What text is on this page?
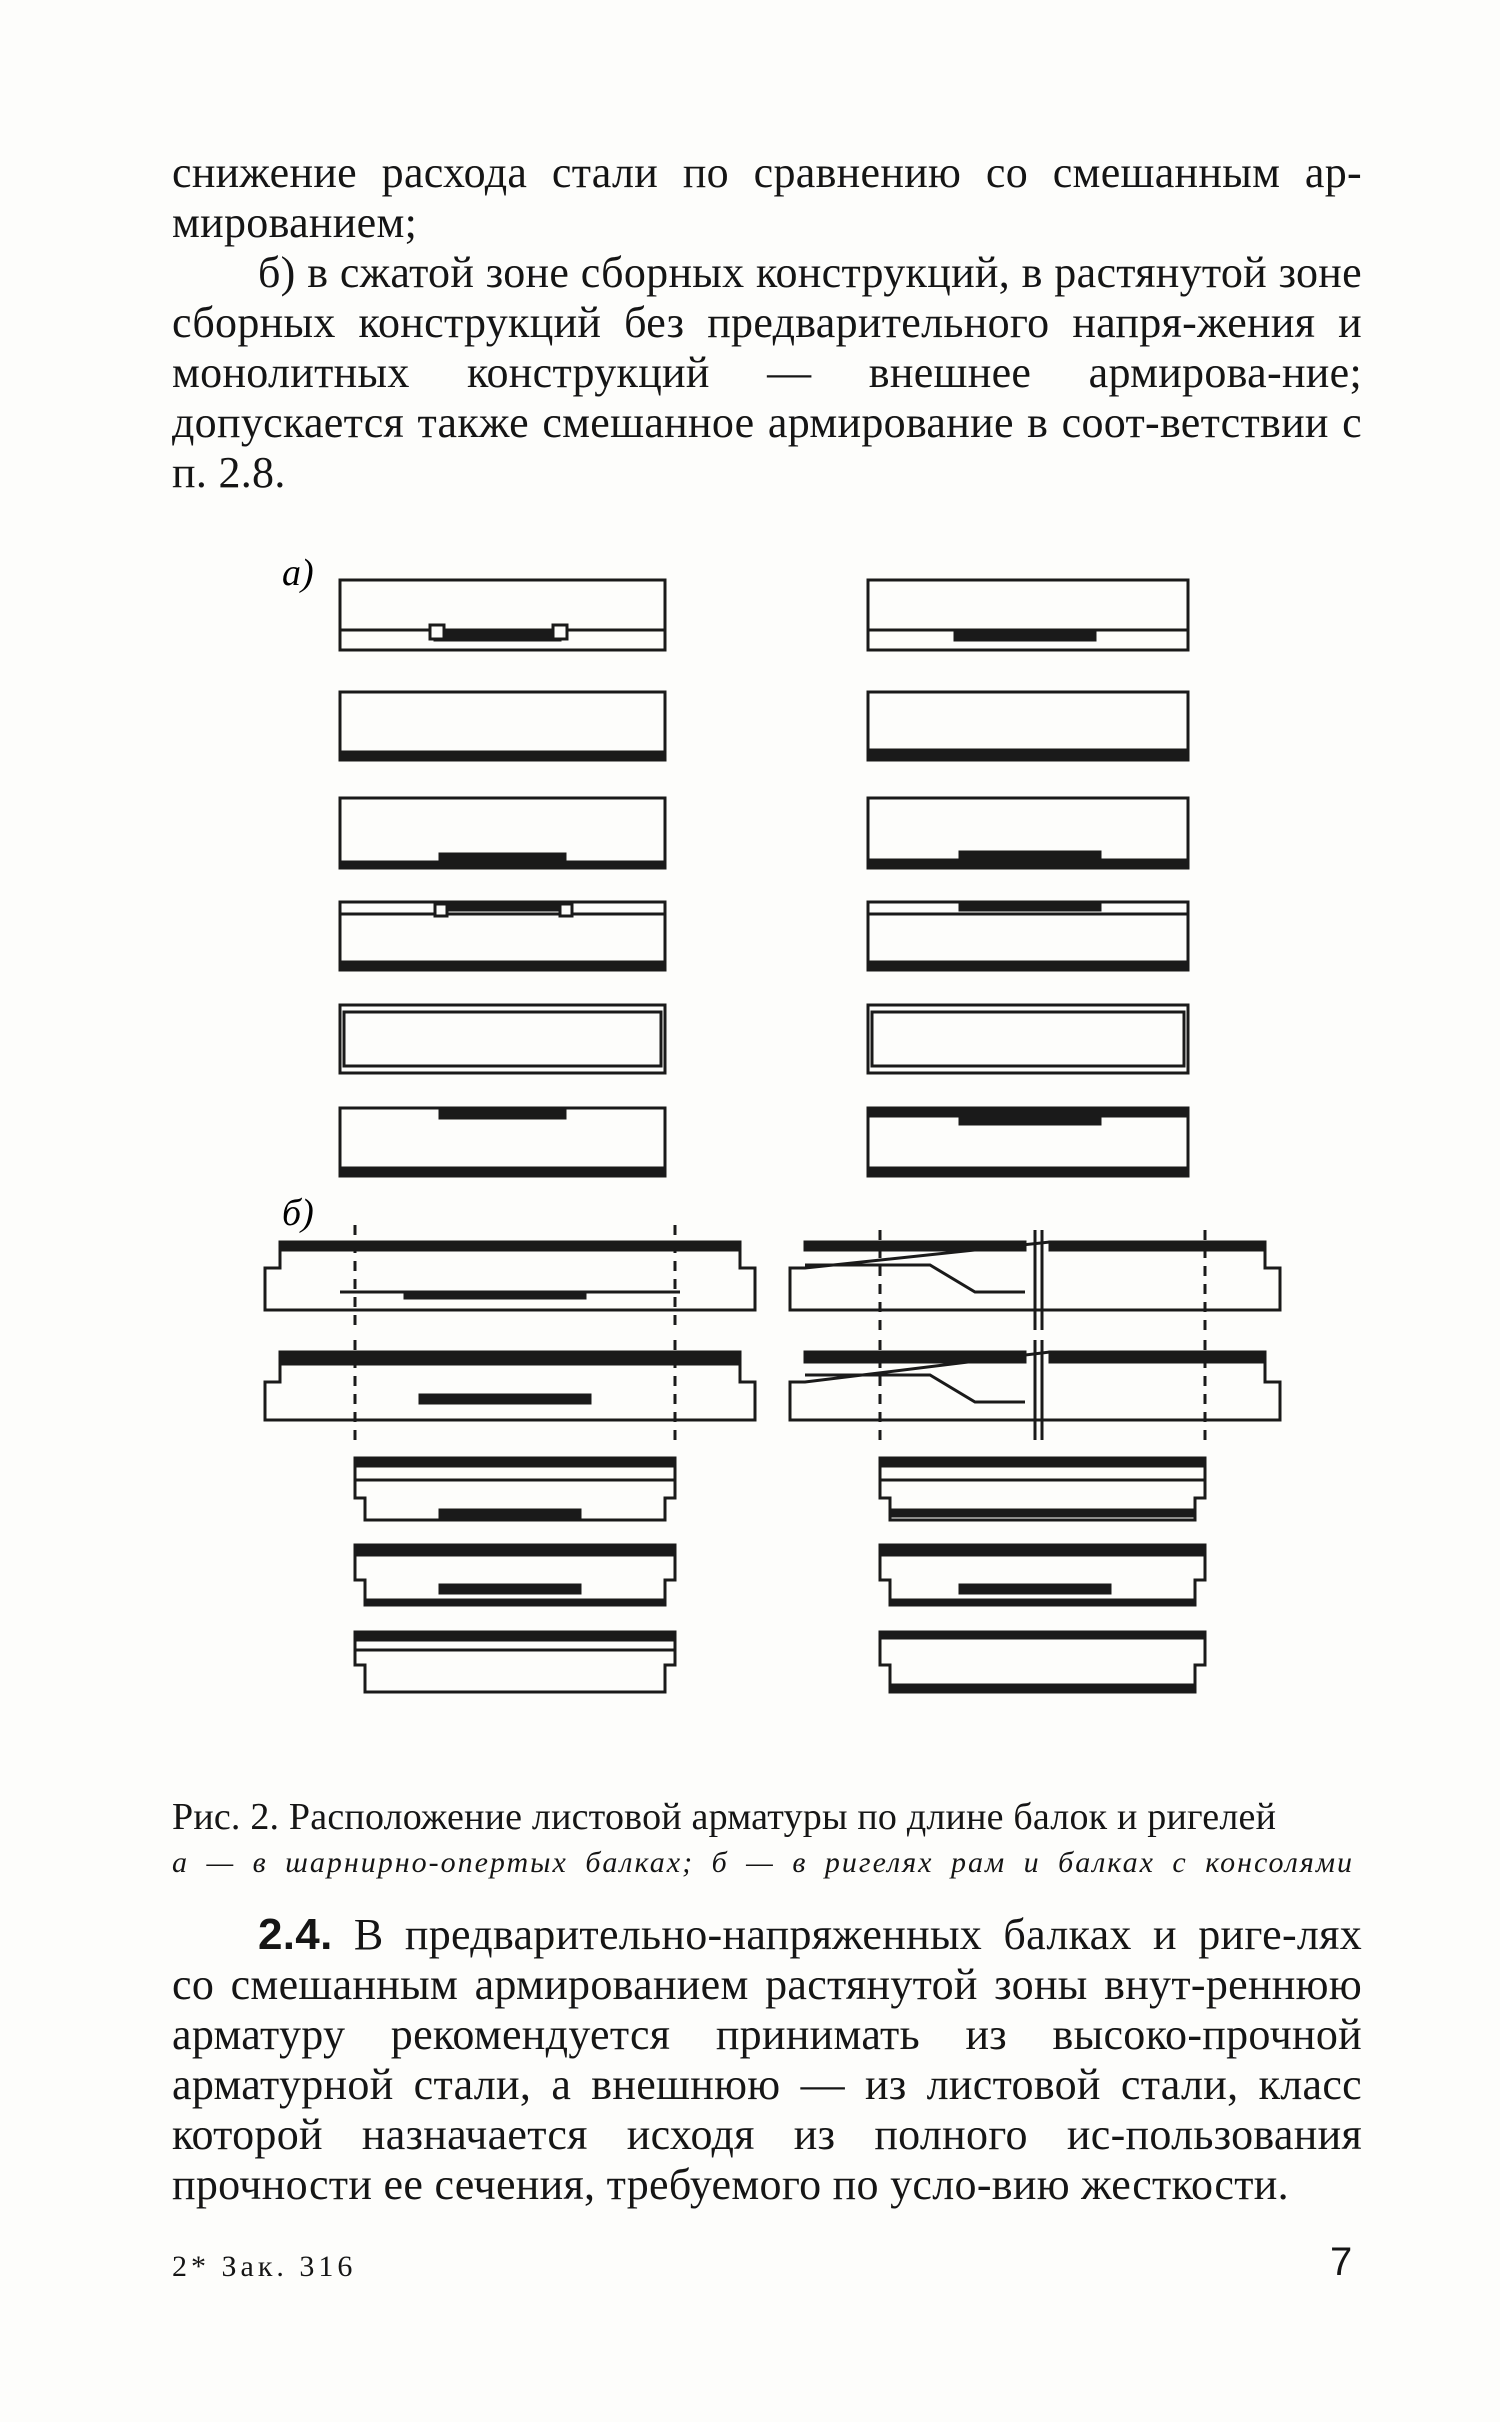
снижение расхода стали по сравнению со смешанным ар-мированием;

б) в сжатой зоне сборных конструкций, в растянутой зоне сборных конструкций без предварительного напря-жения и монолитных конструкций — внешнее армирова-ние; допускается также смешанное армирование в соот-ветствии с п. 2.8.

а)
б)

Рис. 2. Расположение листовой арматуры по длине балок и ригелей

а — в шарнирно-опертых балках; б — в ригелях рам и балках с консолями

2.4. В предварительно-напряженных балках и риге-лях со смешанным армированием растянутой зоны внут-реннюю арматуру рекомендуется принимать из высоко-прочной арматурной стали, а внешнюю — из листовой стали, класс которой назначается исходя из полного ис-пользования прочности ее сечения, требуемого по усло-вию жесткости.

2* Зак. 316	7
